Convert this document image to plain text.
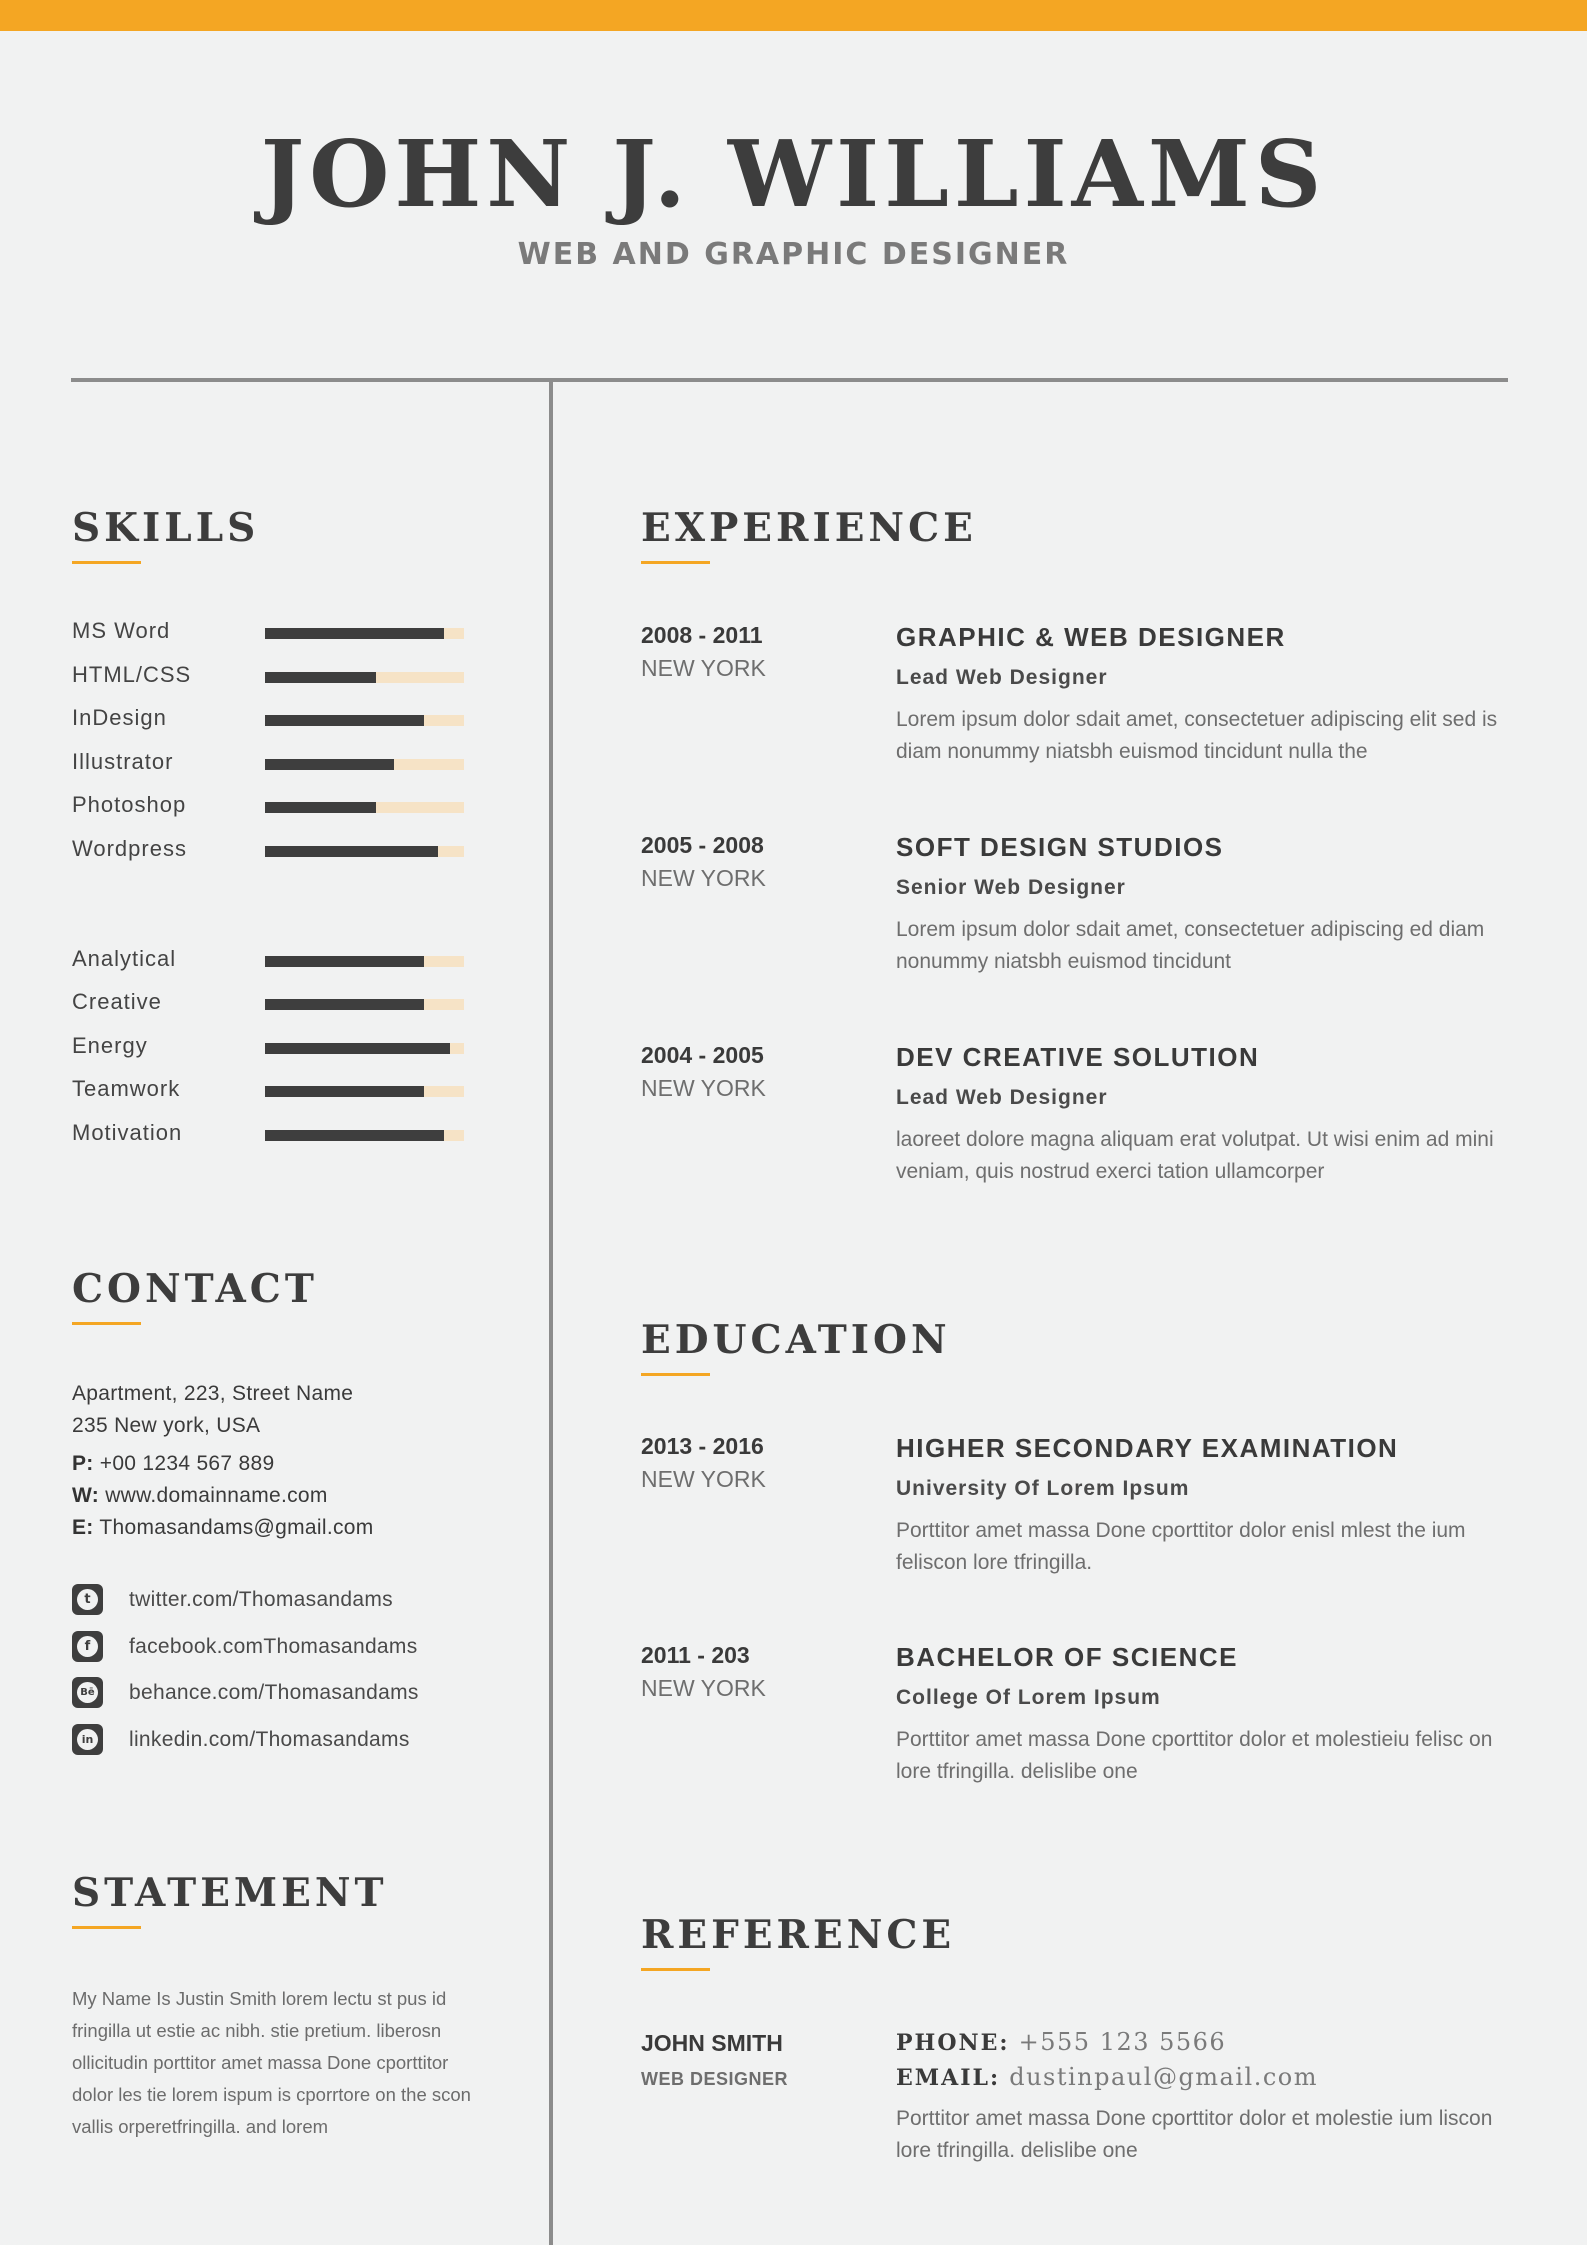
JOHN J. WILLIAMS

WEB AND GRAPHIC DESIGNER

SKILLS
MS Word
HTML/CSS
InDesign
Illustrator
Photoshop
Wordpress
Analytical
Creative
Energy
Teamwork
Motivation
CONTACT
Apartment, 223, Street Name
235 New york, USA
P: +00 1234 567 889
W: www.domainname.com
E: Thomasandams@gmail.com
t	twitter.com/Thomasandams
f	facebook.comThomasandams
Bē behance.com/Thomasandams
in linkedin.com/Thomasandams
STATEMENT

My Name Is Justin Smith lorem lectu st pus id fringilla ut estie ac nibh. stie pretium. liberosn ollicitudin porttitor amet massa Done cporttitor dolor les tie lorem ispum is cporrtore on the scon vallis orperetfringilla. and lorem

EXPERIENCE
2008 - 2011
NEW YORK
GRAPHIC & WEB DESIGNER
Lead Web Designer

Lorem ipsum dolor sdait amet, consectetuer adipiscing elit sed is diam nonummy niatsbh euismod tincidunt nulla the

2005 - 2008
NEW YORK
SOFT DESIGN STUDIOS
Senior Web Designer

Lorem ipsum dolor sdait amet, consectetuer adipiscing ed diam nonummy niatsbh euismod tincidunt

2004 - 2005
NEW YORK
DEV CREATIVE SOLUTION
Lead Web Designer

laoreet dolore magna aliquam erat volutpat. Ut wisi enim ad mini veniam, quis nostrud exerci tation ullamcorper

EDUCATION
2013 - 2016
NEW YORK
HIGHER SECONDARY EXAMINATION
University Of Lorem Ipsum

Porttitor amet massa Done cporttitor dolor enisl mlest the ium feliscon lore tfringilla.

2011 - 203
NEW YORK
BACHELOR OF SCIENCE
College Of Lorem Ipsum

Porttitor amet massa Done cporttitor dolor et molestieiu felisc on lore tfringilla. delislibe one

REFERENCE
JOHN SMITH
WEB DESIGNER
PHONE: +555 123 5566
EMAIL: dustinpaul@gmail.com

Porttitor amet massa Done cporttitor dolor et molestie ium liscon lore tfringilla. delislibe one
